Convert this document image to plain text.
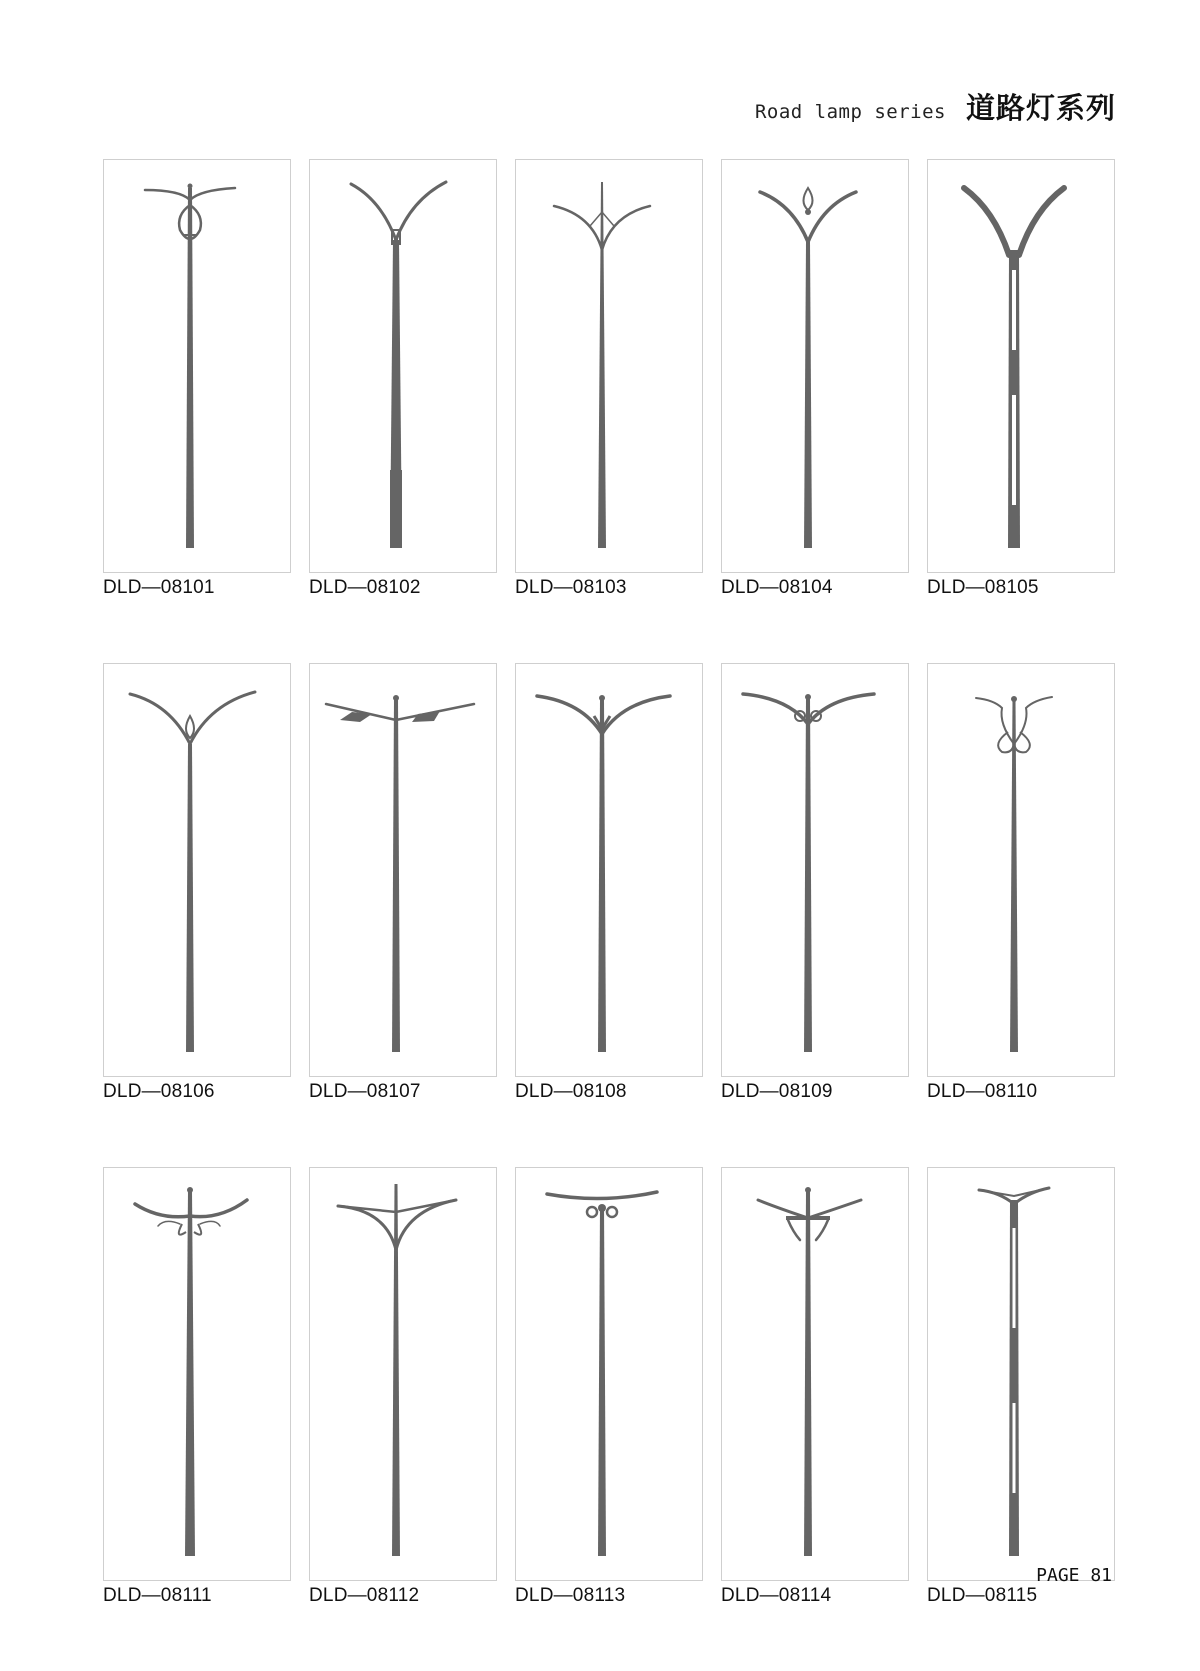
Road lamp series 道路灯系列
DLD—08101	DLD—08102	DLD—08103	DLD—08104	DLD—08105
DLD—08106	DLD—08107	DLD—08108	DLD—08109	DLD—08110
DLD—08111	DLD—08112	DLD—08113	DLD—08114	DLD—08115
PAGE 81
